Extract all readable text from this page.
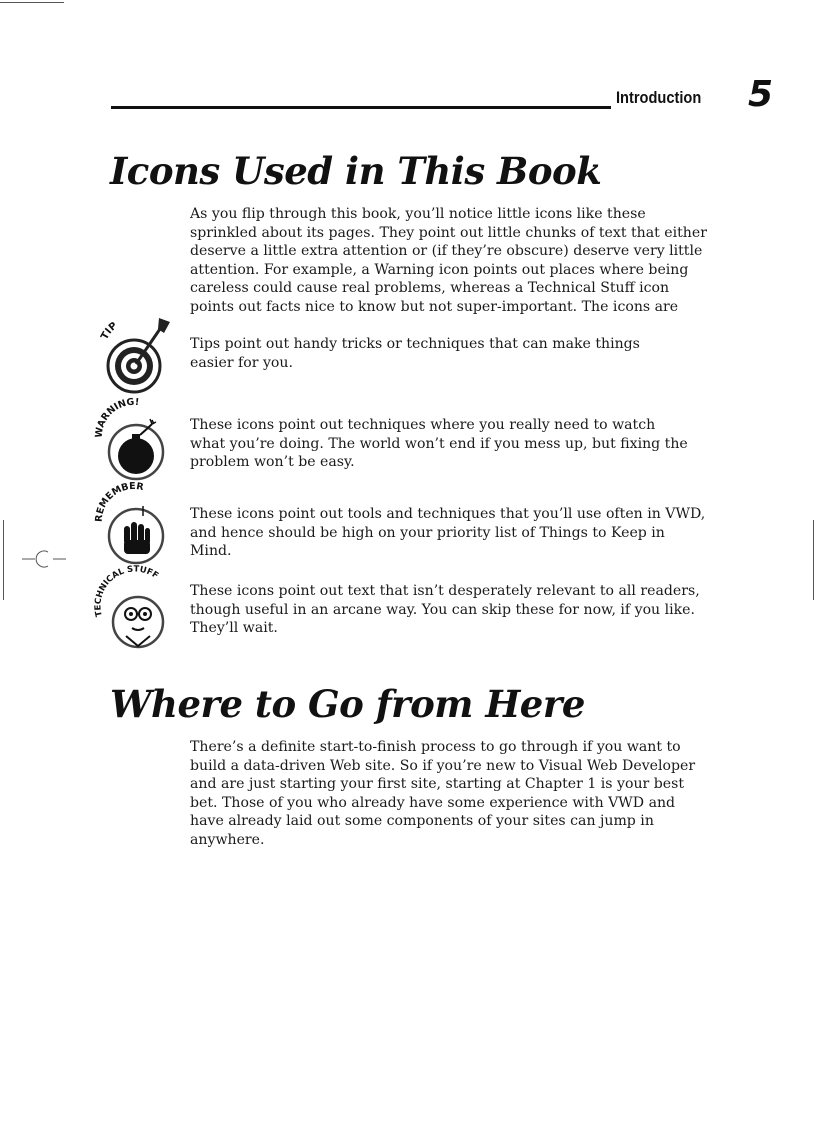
Introduction 5
Icons Used in This Book

As you flip through this book, you’ll notice little icons like these sprinkled about its pages. They point out little chunks of text that either deserve a little extra attention or (if they’re obscure) deserve very little attention. For example, a Warning icon points out places where being careless could cause real problems, whereas a Technical Stuff icon points out facts nice to know but not super-important. The icons are

TIP

Tips point out handy tricks or techniques that can make things easier for you.

WARNING!

These icons point out techniques where you really need to watch what you’re doing. The world won’t end if you mess up, but fixing the problem won’t be easy.

REMEMBER

These icons point out tools and techniques that you’ll use often in VWD, and hence should be high on your priority list of Things to Keep in Mind.

TECHNICAL STUFF

These icons point out text that isn’t desperately relevant to all readers, though useful in an arcane way. You can skip these for now, if you like. They’ll wait.

Where to Go from Here

There’s a definite start-to-finish process to go through if you want to build a data-driven Web site. So if you’re new to Visual Web Developer and are just starting your first site, starting at Chapter 1 is your best bet. Those of you who already have some experience with VWD and have already laid out some components of your sites can jump in anywhere.
